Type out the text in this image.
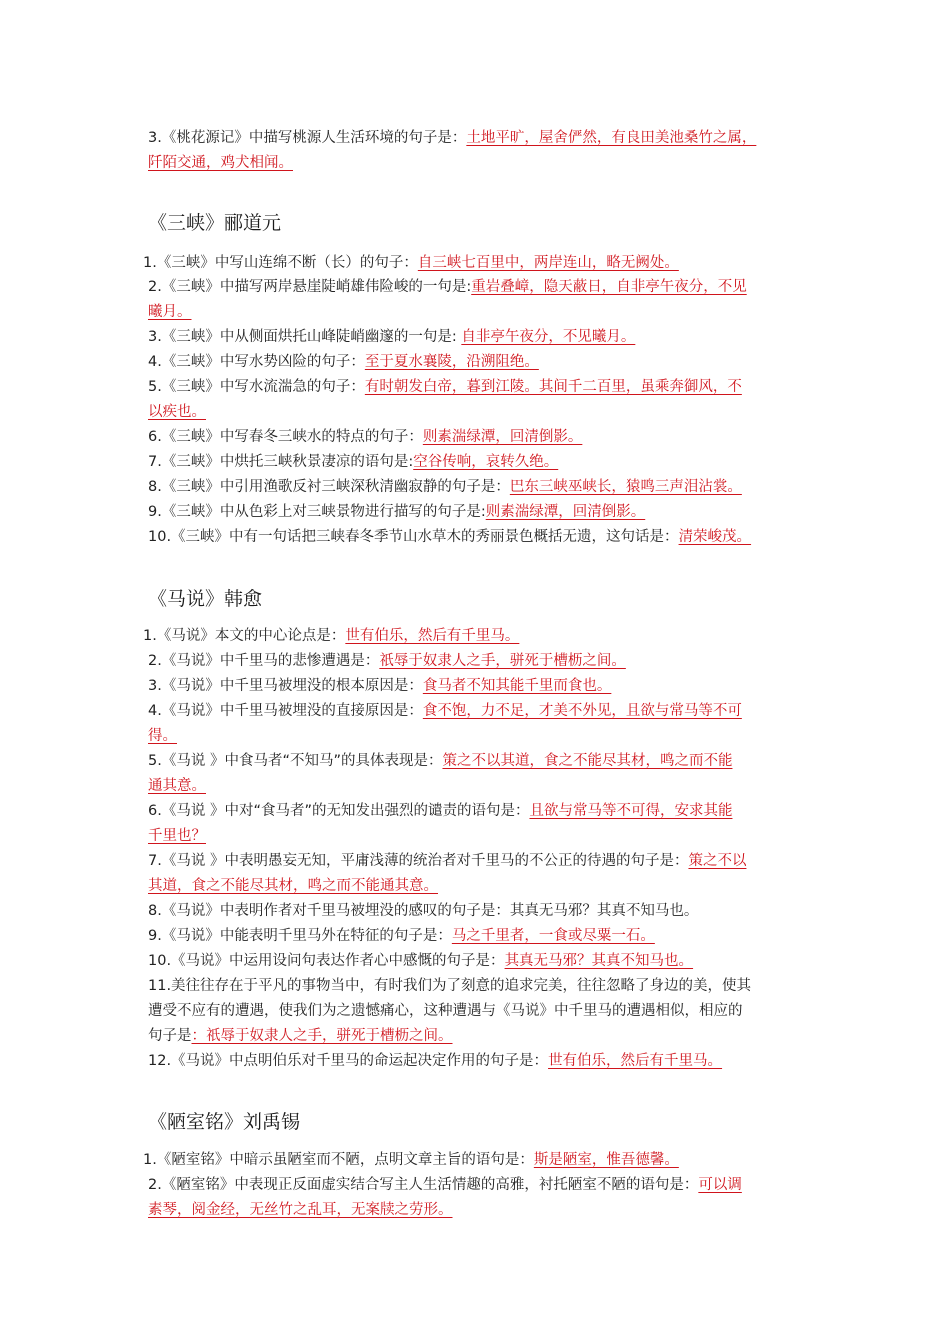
3.《桃花源记》中描写桃源人生活环境的句子是：土地平旷，屋舍俨然，有良田美池桑竹之属，
阡陌交通，鸡犬相闻。
《三峡》郦道元
1.《三峡》中写山连绵不断（长）的句子：自三峡七百里中，两岸连山，略无阙处。
2.《三峡》中描写两岸悬崖陡峭雄伟险峻的一句是:重岩叠嶂，隐天蔽日，自非亭午夜分，不见
曦月。
3.《三峡》中从侧面烘托山峰陡峭幽邃的一句是: 自非亭午夜分，不见曦月。
4.《三峡》中写水势凶险的句子：至于夏水襄陵，沿溯阻绝。
5.《三峡》中写水流湍急的句子：有时朝发白帝，暮到江陵。其间千二百里，虽乘奔御风，不
以疾也。
6.《三峡》中写春冬三峡水的特点的句子：则素湍绿潭，回清倒影。
7.《三峡》中烘托三峡秋景凄凉的语句是:空谷传响，哀转久绝。
8.《三峡》中引用渔歌反衬三峡深秋清幽寂静的句子是：巴东三峡巫峡长，猿鸣三声泪沾裳。
9.《三峡》中从色彩上对三峡景物进行描写的句子是:则素湍绿潭，回清倒影。
10.《三峡》中有一句话把三峡春冬季节山水草木的秀丽景色概括无遗，这句话是：清荣峻茂。
《马说》韩愈
1.《马说》本文的中心论点是：世有伯乐，然后有千里马。
2.《马说》中千里马的悲惨遭遇是：祇辱于奴隶人之手，骈死于槽枥之间。
3.《马说》中千里马被埋没的根本原因是：食马者不知其能千里而食也。
4.《马说》中千里马被埋没的直接原因是：食不饱，力不足，才美不外见，且欲与常马等不可
得。
5.《马说 》中食马者“不知马”的具体表现是：策之不以其道，食之不能尽其材，鸣之而不能
通其意。
6.《马说 》中对“食马者”的无知发出强烈的谴责的语句是：且欲与常马等不可得，安求其能
千里也？
7.《马说 》中表明愚妄无知，平庸浅薄的统治者对千里马的不公正的待遇的句子是：策之不以
其道，食之不能尽其材，鸣之而不能通其意。
8.《马说》中表明作者对千里马被埋没的感叹的句子是：其真无马邪？其真不知马也。
9.《马说》中能表明千里马外在特征的句子是：马之千里者，一食或尽粟一石。
10.《马说》中运用设问句表达作者心中感慨的句子是：其真无马邪？其真不知马也。
11.美往往存在于平凡的事物当中，有时我们为了刻意的追求完美，往往忽略了身边的美，使其
遭受不应有的遭遇，使我们为之遗憾痛心，这种遭遇与《马说》中千里马的遭遇相似，相应的
句子是：祇辱于奴隶人之手，骈死于槽枥之间。
12.《马说》中点明伯乐对千里马的命运起决定作用的句子是：世有伯乐，然后有千里马。
《陋室铭》刘禹锡
1.《陋室铭》中暗示虽陋室而不陋，点明文章主旨的语句是：斯是陋室，惟吾德馨。
2.《陋室铭》中表现正反面虚实结合写主人生活情趣的高雅，衬托陋室不陋的语句是：可以调
素琴，阅金经，无丝竹之乱耳，无案牍之劳形。
